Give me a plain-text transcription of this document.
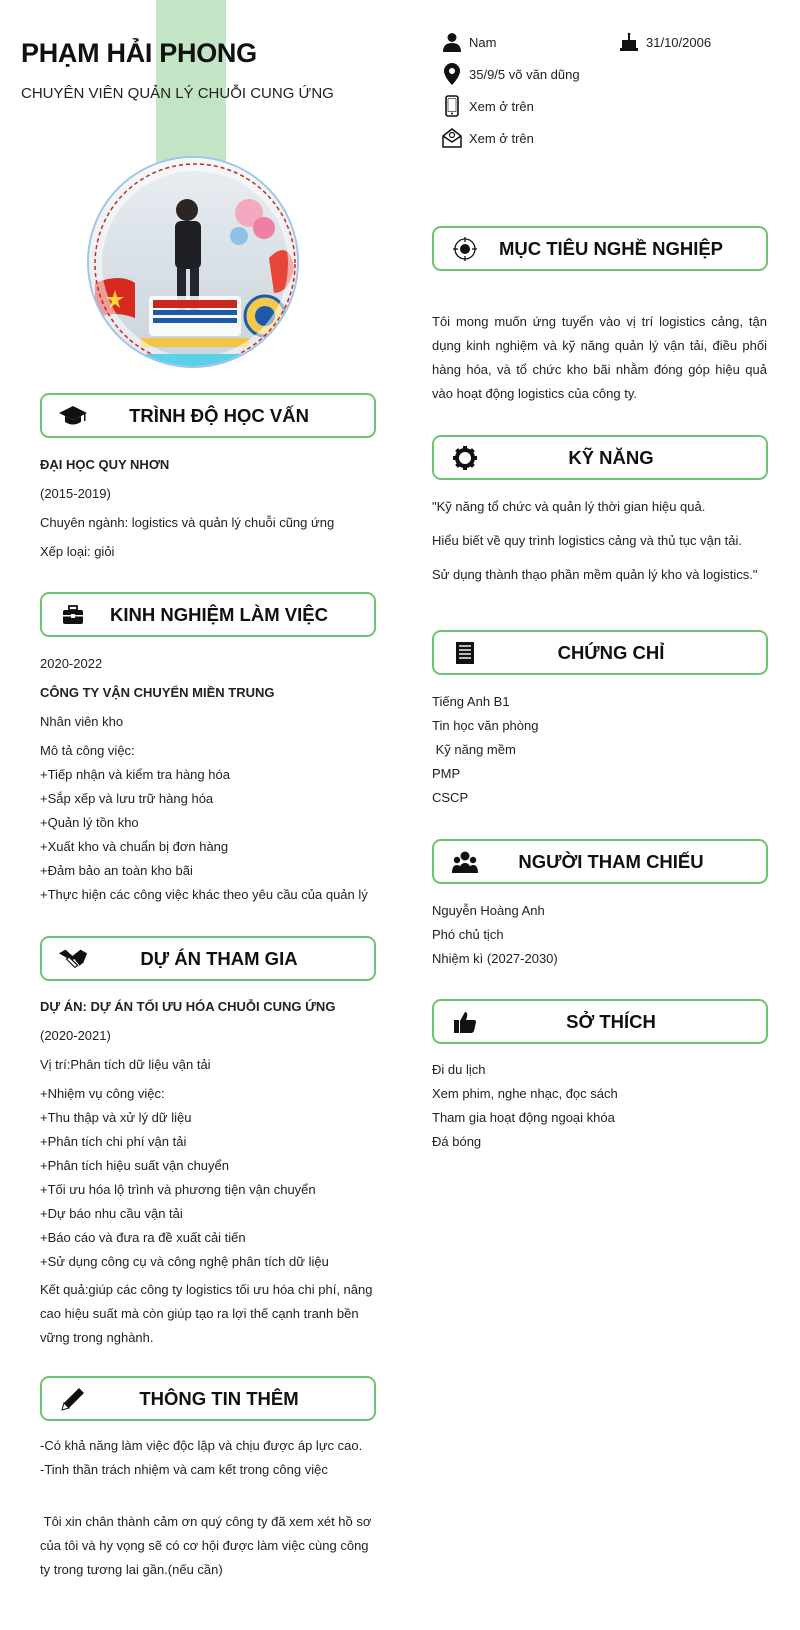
PHẠM HẢI PHONG
CHUYÊN VIÊN QUẢN LÝ CHUỖI CUNG ỨNG
Nam	31/10/2006
35/9/5 võ văn dũng
Xem ở trên
Xem ở trên
TRÌNH ĐỘ HỌC VẤN

ĐẠI HỌC QUY NHƠN

(2015-2019)

Chuyên ngành: logistics và quản lý chuỗi cũng ứng

Xếp loại: giỏi

KINH NGHIỆM LÀM VIỆC

2020-2022

CÔNG TY VẬN CHUYỂN MIỀN TRUNG

Nhân viên kho

Mô tả công việc:

+Tiếp nhận và kiểm tra hàng hóa

+Sắp xếp và lưu trữ hàng hóa

+Quản lý tồn kho

+Xuất kho và chuẩn bị đơn hàng

+Đảm bảo an toàn kho bãi

+Thực hiện các công việc khác theo yêu cầu của quản lý

DỰ ÁN THAM GIA

DỰ ÁN: DỰ ÁN TỐI ƯU HÓA CHUỖI CUNG ỨNG

(2020-2021)

Vị trí:Phân tích dữ liệu vận tải

+Nhiệm vụ công việc:

+Thu thập và xử lý dữ liệu

+Phân tích chi phí vận tải

+Phân tích hiệu suất vận chuyển

+Tối ưu hóa lộ trình và phương tiện vận chuyển

+Dự báo nhu cầu vận tải

+Báo cáo và đưa ra đề xuất cải tiến

+Sử dụng công cụ và công nghệ phân tích dữ liệu

Kết quả:giúp các công ty logistics tối ưu hóa chi phí, nâng cao hiệu suất mà còn giúp tạo ra lợi thế cạnh tranh bền vững trong nghành.
THÔNG TIN THÊM

-Có khả năng làm việc độc lập và chịu được áp lực cao.

-Tinh thần trách nhiệm và cam kết trong công việc

Tôi xin chân thành cảm ơn quý công ty đã xem xét hồ sơ của tôi và hy vọng sẽ có cơ hội được làm việc cùng công ty trong tương lai gần.(nếu cần)
MỤC TIÊU NGHỀ NGHIỆP
Tôi mong muốn ứng tuyển vào vị trí logistics cảng, tận dụng kinh nghiệm và kỹ năng quản lý vận tải, điều phối hàng hóa, và tổ chức kho bãi nhằm đóng góp hiệu quả vào hoạt động logistics của công ty.
KỸ NĂNG

"Kỹ năng tổ chức và quản lý thời gian hiệu quả.

Hiểu biết về quy trình logistics cảng và thủ tục vận tải.

Sử dụng thành thạo phần mềm quản lý kho và logistics."

CHỨNG CHỈ

Tiếng Anh B1

Tin học văn phòng

Kỹ năng mềm

PMP

CSCP

NGƯỜI THAM CHIẾU

Nguyễn Hoàng Anh

Phó chủ tịch

Nhiệm kì (2027-2030)

SỞ THÍCH

Đi du lịch

Xem phim, nghe nhạc, đọc sách

Tham gia hoạt động ngoại khóa

Đá bóng
